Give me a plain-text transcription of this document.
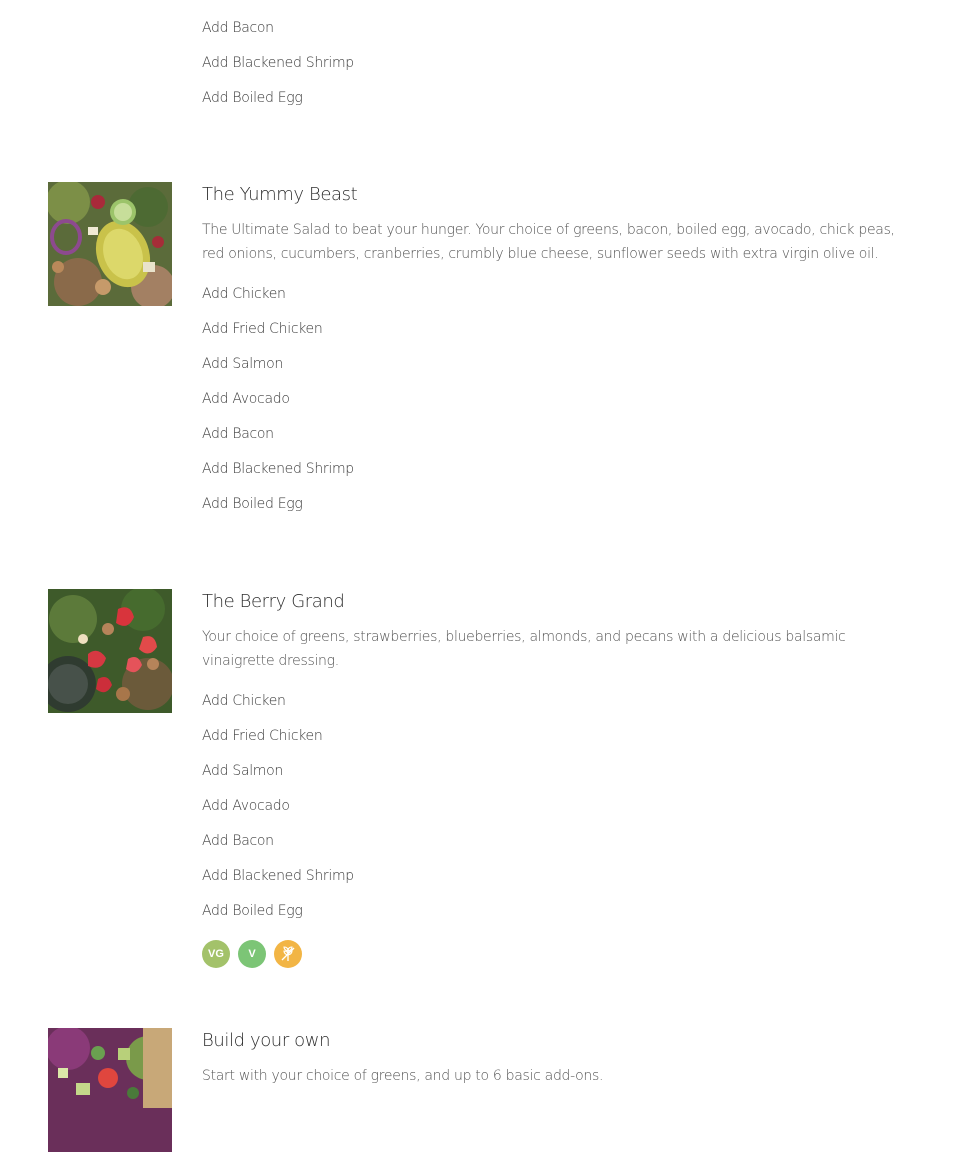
Add Bacon
Add Blackened Shrimp
Add Boiled Egg
The Yummy Beast
The Ultimate Salad to beat your hunger. Your choice of greens, bacon, boiled egg, avocado, chick peas, red onions, cucumbers, cranberries, crumbly blue cheese, sunflower seeds with extra virgin olive oil.
Add Chicken
Add Fried Chicken
Add Salmon
Add Avocado
Add Bacon
Add Blackened Shrimp
Add Boiled Egg
The Berry Grand
Your choice of greens, strawberries, blueberries, almonds, and pecans with a delicious balsamic vinaigrette dressing.
Add Chicken
Add Fried Chicken
Add Salmon
Add Avocado
Add Bacon
Add Blackened Shrimp
Add Boiled Egg
VG V
Build your own
Start with your choice of greens, and up to 6 basic add-ons.
